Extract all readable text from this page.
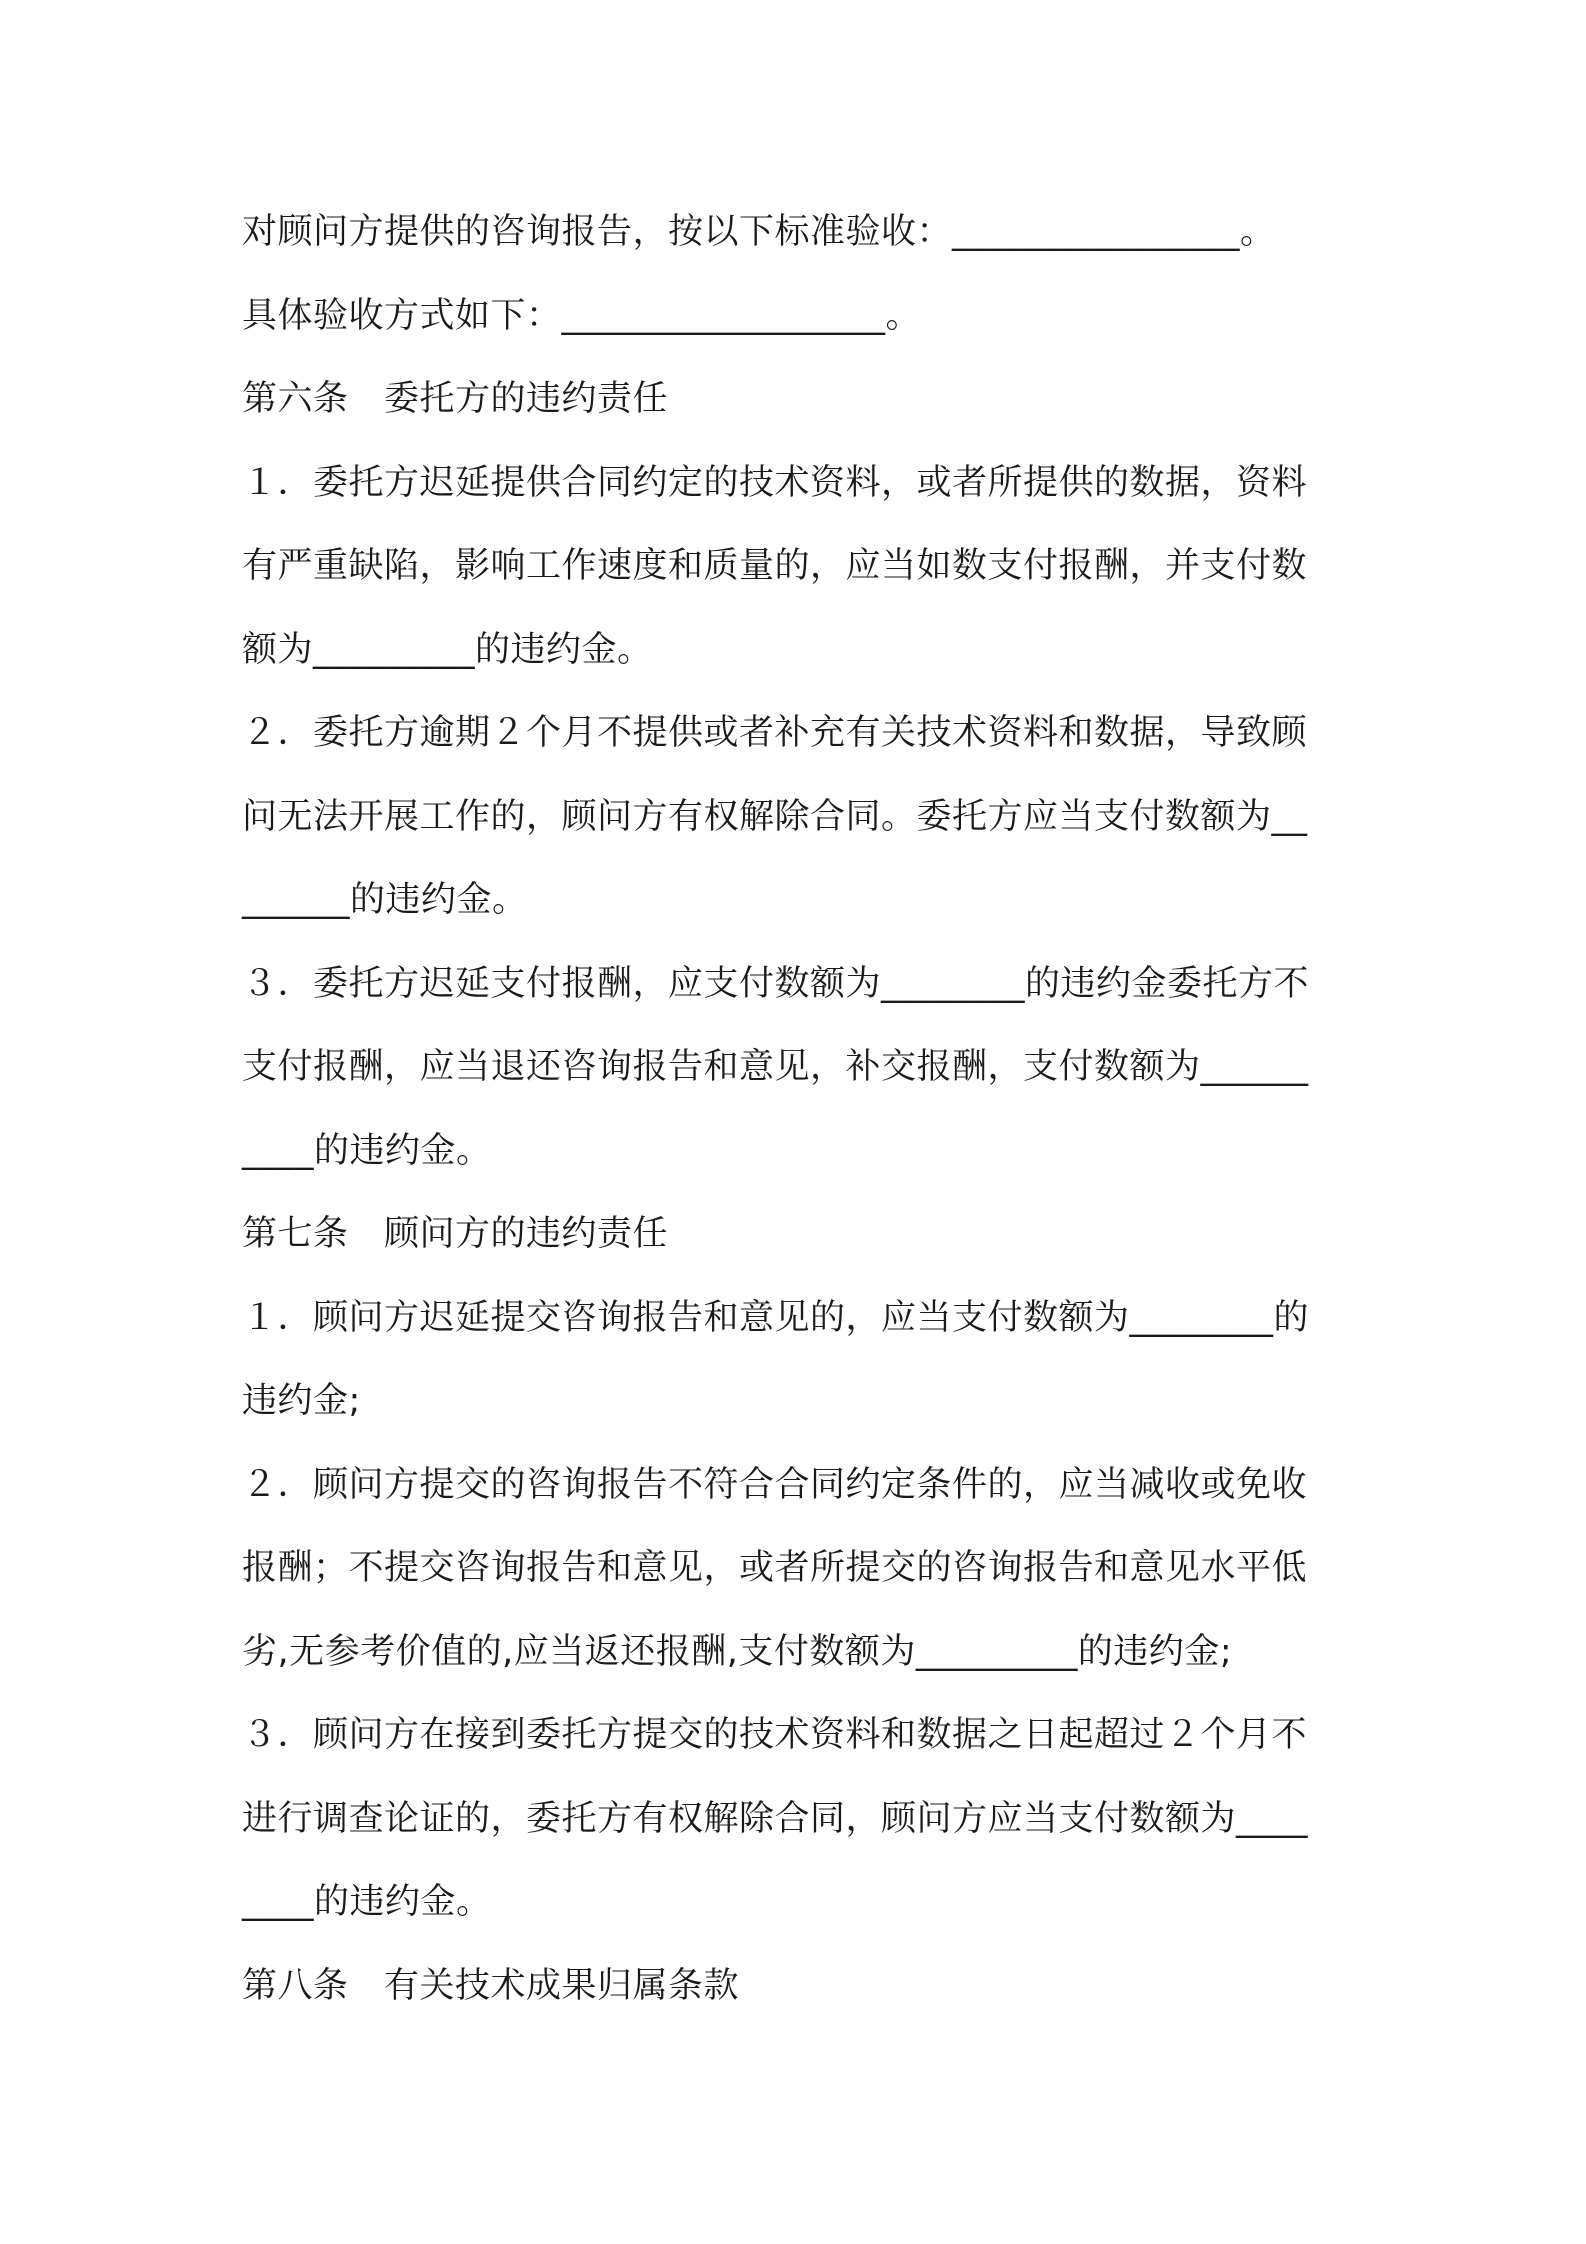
对顾问方提供的咨询报告，按以下标准验收：________________。
具体验收方式如下：__________________。
第六条　委托方的违约责任
１．委托方迟延提供合同约定的技术资料，或者所提供的数据，资料
有严重缺陷，影响工作速度和质量的，应当如数支付报酬，并支付数
额为_________的违约金。
２．委托方逾期２个月不提供或者补充有关技术资料和数据，导致顾
问无法开展工作的，顾问方有权解除合同。委托方应当支付数额为__
______的违约金。
３．委托方迟延支付报酬，应支付数额为________的违约金委托方不
支付报酬，应当退还咨询报告和意见，补交报酬，支付数额为______
____的违约金。
第七条　顾问方的违约责任
１．顾问方迟延提交咨询报告和意见的，应当支付数额为________的
违约金;
２．顾问方提交的咨询报告不符合合同约定条件的，应当减收或免收
报酬；不提交咨询报告和意见，或者所提交的咨询报告和意见水平低
劣,无参考价值的,应当返还报酬,支付数额为_________的违约金;
３．顾问方在接到委托方提交的技术资料和数据之日起超过２个月不
进行调查论证的，委托方有权解除合同，顾问方应当支付数额为____
____的违约金。
第八条　有关技术成果归属条款
